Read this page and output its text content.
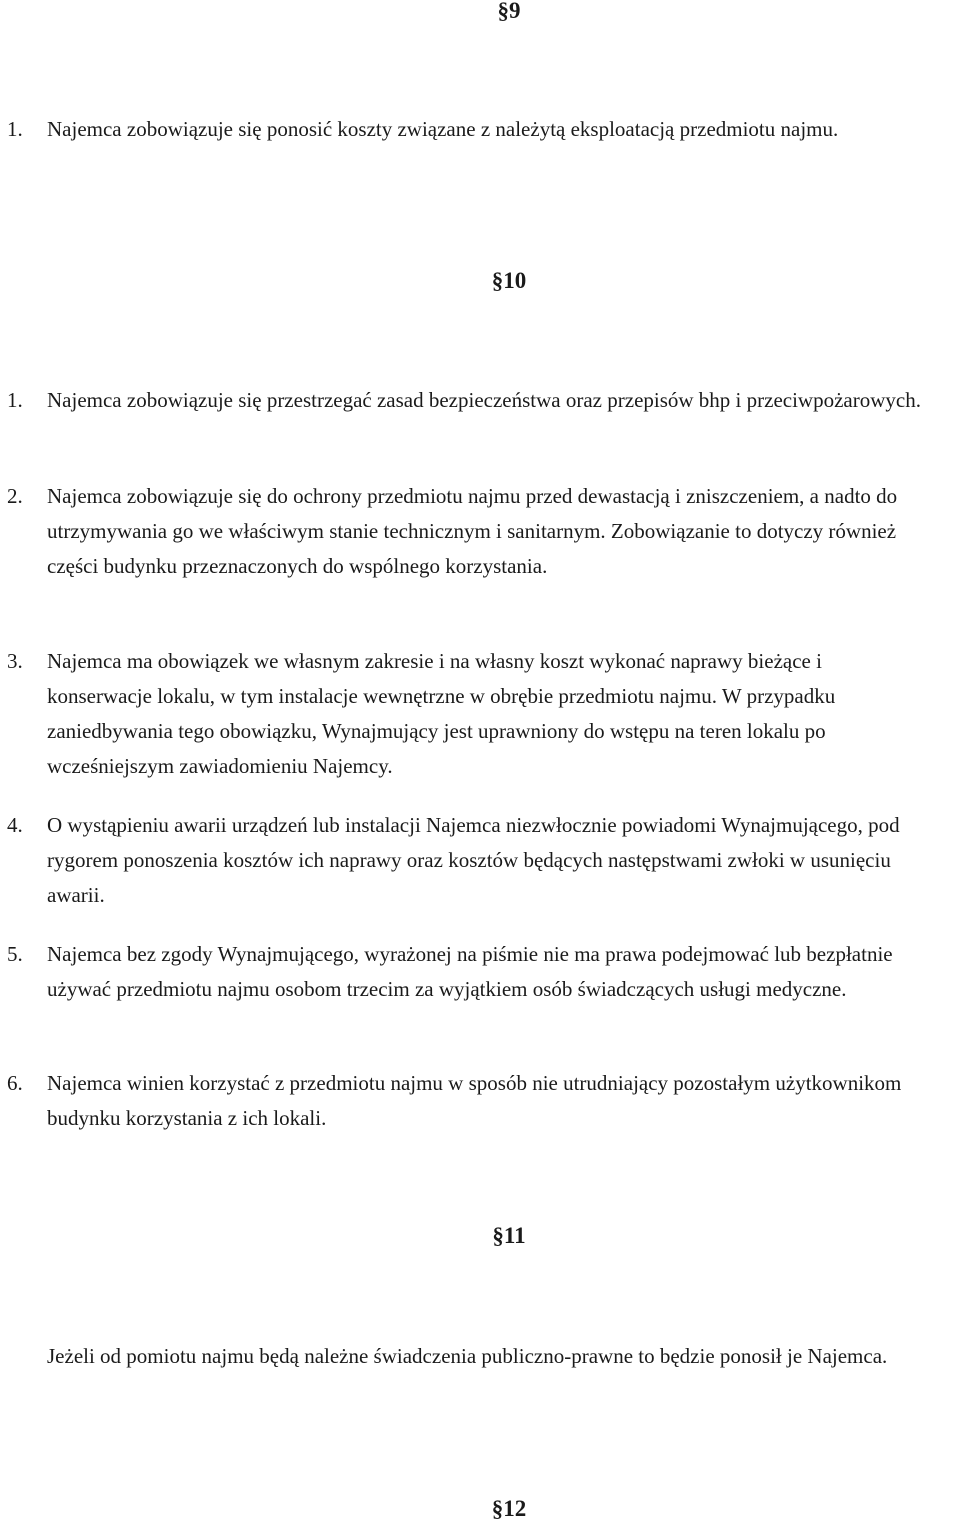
§9
1. Najemca zobowiązuje się ponosić koszty związane z należytą eksploatacją przedmiotu najmu.
§10
1. Najemca zobowiązuje się przestrzegać zasad bezpieczeństwa oraz przepisów bhp i przeciwpożarowych.
2. Najemca zobowiązuje się do ochrony przedmiotu najmu przed dewastacją i zniszczeniem, a nadto do utrzymywania go we właściwym stanie technicznym i sanitarnym. Zobowiązanie to dotyczy również części budynku przeznaczonych do wspólnego korzystania.
3. Najemca ma obowiązek we własnym zakresie i na własny koszt wykonać naprawy bieżące i konserwacje lokalu, w tym instalacje wewnętrzne w obrębie przedmiotu najmu. W przypadku zaniedbywania tego obowiązku, Wynajmujący jest uprawniony do wstępu na teren lokalu po wcześniejszym zawiadomieniu Najemcy.
4. O wystąpieniu awarii urządzeń lub instalacji Najemca niezwłocznie powiadomi Wynajmującego, pod rygorem ponoszenia kosztów ich naprawy oraz kosztów będących następstwami zwłoki w usunięciu awarii.
5. Najemca bez zgody Wynajmującego, wyrażonej na piśmie nie ma prawa podejmować lub bezpłatnie używać przedmiotu najmu osobom trzecim za wyjątkiem osób świadczących usługi medyczne.
6. Najemca winien korzystać z przedmiotu najmu w sposób nie utrudniający pozostałym użytkownikom budynku korzystania z ich lokali.
§11
Jeżeli od pomiotu najmu będą należne świadczenia publiczno-prawne to będzie ponosił je Najemca.
§12
